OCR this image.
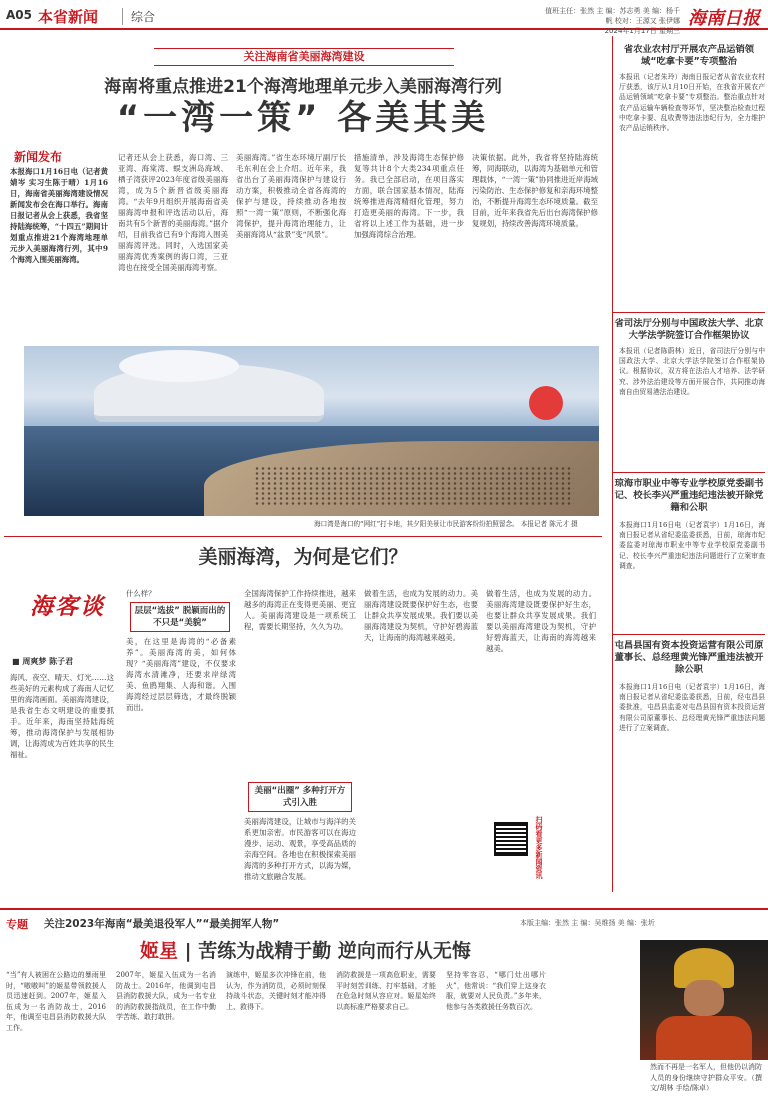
A05 本省新闻	综合	值班主任：张然 主 编：苏志勇 美 编：杨千帆 校对：王源又 张伊娜
2024年1月17日 星期三
海南日报
关注海南省美丽海湾建设
海南将重点推进21个海湾地理单元步入美丽海湾行列
“一湾一策” 各美其美
新闻发布
本报海口1月16日电（记者黄婧岑 实习生陈于晴）1月16日，海南省美丽海湾建设情况新闻发布会在海口举行。海南日报记者从会上获悉，我省坚持陆海统筹，“十四五”期间计划重点推进21个海湾地理单元步入美丽海湾行列，其中9个海湾入围美丽海湾。
记者还从会上获悉，海口湾、三亚湾、海棠湾、蜈支洲岛海域、栖子湾获评2023年度省级美丽海湾，成为5个新晋省级美丽海湾。“去年9月组织开展海南省美丽海湾申报和评选活动以后，海南共有5个新晋的美丽海湾。”据介绍，目前我省已有9个海湾入围美丽海湾评选。同时，入选国家美丽海湾优秀案例的海口湾，三亚湾也在接受全国美丽海湾考察。
美丽海湾。”省生态环境厅副厅长毛东利在会上介绍。近年来，我省出台了美丽海湾保护与建设行动方案，积极推动全省各海湾的保护与建设，持续推动各地按照“一湾一策”原则，不断强化海湾保护，提升海湾治理能力，让美丽海湾从“盆景”变“风景”。
措施清单，涉及海湾生态保护修复等共计8个大类234项重点任务。我已全部启动，在项目落实方面，联合国家基本情况，陆海统筹推进海湾精细化管理，努力打造更美丽的海湾。下一步，我省将以上述工作为基础，进一步加强海湾综合治理。
决策依据。此外，我省将坚持陆海统筹，同海联动，以海湾为基础单元和管理载体，“一湾一策”协同推进近岸海域污染防治、生态保护修复和亲海环境整治，不断提升海湾生态环境质量。截至目前，近年来我省先后出台海湾保护修复规划，持续改善海湾环境质量。
海口湾是海口的“网红”打卡地，其夕阳美景让市民游客纷纷拍照留念。 本报记者 陈元才 摄
美丽海湾，为何是它们？
海客谈
■ 周爽梦 陈子君
海风、夜空、晴天、灯光……这些美好的元素构成了海南人记忆里的海湾画面。美丽海湾建设，是我省生态文明建设的重要抓手。近年来，海南坚持陆海统筹，推动海湾保护与发展相协调，让海湾成为百姓共享的民生福祉。
什么样？
层层“选拔” 脱颖而出的不只是“美貌”
美，在这里是海湾的“必备素养”。美丽海湾的美，如何体现？“美丽海湾”建设，不仅要求海湾水清滩净，还要求岸绿湾美、鱼鸥翔集、人海和谐。入围海湾经过层层筛选，才最终脱颖而出。
全国海湾保护工作持续推进，越来越多的海湾正在变得更美丽、更宜人。美丽海湾建设是一项系统工程，需要长期坚持，久久为功。
美丽“出圈” 多种打开方式引入胜
美丽海湾建设，让城市与海洋的关系更加亲密。市民游客可以在海边漫步、运动、观景，享受高品质的亲海空间。各地也在积极探索美丽海湾的多种打开方式，以海为媒，推动文旅融合发展。
做着生活，也成为发展的动力。美丽海湾建设既要保护好生态，也要让群众共享发展成果。我们要以美丽海湾建设为契机，守护好碧海蓝天，让海南的海湾越来越美。
做着生活，也成为发展的动力。美丽海湾建设既要保护好生态，也要让群众共享发展成果。我们要以美丽海湾建设为契机，守护好碧海蓝天，让海南的海湾越来越美。
扫码看更多新闻资讯
省农业农村厅开展农产品运销领域“吃拿卡要”专项整治
本报讯（记者朱玲）海南日报记者从省农业农村厅获悉，该厅从1月10日开始，在我省开展农产品运销领域“吃拿卡要”专项整治。整治重点针对农产品运输车辆检查等环节，坚决整治检查过程中吃拿卡要、乱收费等违法违纪行为，全力维护农产品运销秩序。
省司法厅分别与中国政法大学、北京大学法学院签订合作框架协议
本报讯（记者陈蔚林）近日，省司法厅分别与中国政法大学、北京大学法学院签订合作框架协议。根据协议，双方将在法治人才培养、法学研究、涉外法治建设等方面开展合作，共同推动海南自由贸易港法治建设。
琼海市职业中等专业学校原党委副书记、校长李兴严重违纪违法被开除党籍和公职
本报海口1月16日电（记者袁宇）1月16日，海南日报记者从省纪委监委获悉，日前，琼海市纪委监委对琼海市职业中等专业学校原党委副书记、校长李兴严重违纪违法问题进行了立案审查调查。
屯昌县国有资本投资运营有限公司原董事长、总经理黄光锋严重违法被开除公职
本报海口1月16日电（记者袁宇）1月16日，海南日报记者从省纪委监委获悉，日前，经屯昌县委批准，屯昌县监委对屯昌县国有资本投资运营有限公司原董事长、总经理黄光锋严重违法问题进行了立案调查。
专题 关注2023年海南“最美退役军人”“最美拥军人物”	本版主编：张然 主 编：吴维扬 美 编：张圻
姬星 | 苦练为战精于勤 逆向而行从无悔
“当”有人被困在公路边的暴雨里时，“嗷嗷叫”的姬星带领救援人员迅速赶到。2007年，姬星入伍成为一名消防战士，2016年，他调至屯昌县消防救援大队工作。
2007年，姬星入伍成为一名消防战士。2016年，他调到屯昌县消防救援大队，成为一名专业的消防救援指战员，在工作中勤学苦练、敢打敢拼。
演练中，姬星多次冲锋在前，他认为，作为消防员，必须时刻保持战斗状态，关键时刻才能冲得上、救得下。
消防救援是一项高危职业，需要平时刻苦训练、打牢基础，才能在危急时刻从容应对。姬星始终以高标准严格要求自己。
坚持零容忍，“哪门灶出哪片火”，他常说：“我们穿上这身衣服，就要对人民负责。”多年来，他参与各类救援任务数百次。
然而不再是一名军人，但他仍以消防人员的身份继续守护群众平安。（撰文/胡林 手绘/陈卓）
